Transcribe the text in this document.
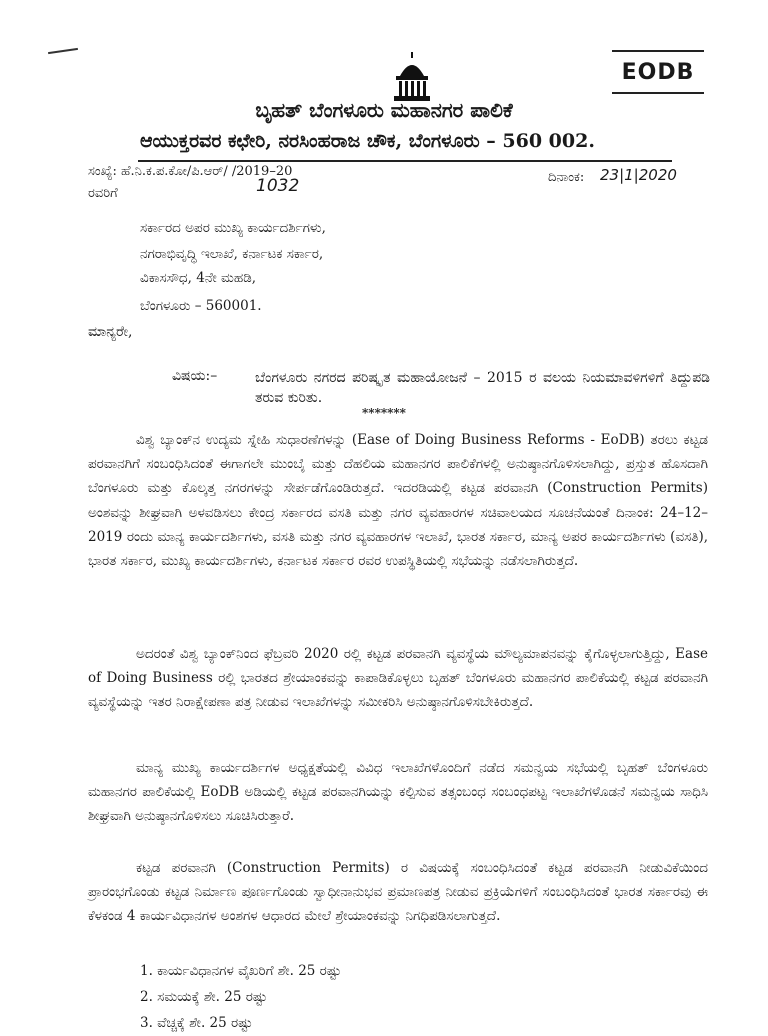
EODB
ಬೃಹತ್ ಬೆಂಗಳೂರು ಮಹಾನಗರ ಪಾಲಿಕೆ
ಆಯುಕ್ತರವರ ಕಛೇರಿ, ನರಸಿಂಹರಾಜ ಚೌಕ, ಬೆಂಗಳೂರು – 560 002.
ಸಂಖ್ಯೆ: ಹೆ.ನಿ.ಕ.ಪ.ಕೋ/ಪಿ.ಆರ್/ /2019–20
1032	ದಿನಾಂಕ: 23|1|2020
ರವರಿಗೆ
ಸರ್ಕಾರದ ಅಪರ ಮುಖ್ಯ ಕಾರ್ಯದರ್ಶಿಗಳು,
ನಗರಾಭಿವೃದ್ಧಿ ಇಲಾಖೆ, ಕರ್ನಾಟಕ ಸರ್ಕಾರ,
ವಿಕಾಸಸೌಧ, 4ನೇ ಮಹಡಿ,
ಬೆಂಗಳೂರು – 560001.
ಮಾನ್ಯರೇ,
ವಿಷಯ:–	ಬೆಂಗಳೂರು ನಗರದ ಪರಿಷ್ಕೃತ ಮಹಾಯೋಜನೆ – 2015 ರ ವಲಯ ನಿಯಮಾವಳಿಗಳಿಗೆ ತಿದ್ದುಪಡಿ ತರುವ ಕುರಿತು.
*******
ವಿಶ್ವ ಬ್ಯಾಂಕ್‌ನ ಉದ್ಯಮ ಸ್ನೇಹಿ ಸುಧಾರಣೆಗಳನ್ನು (Ease of Doing Business Reforms - EoDB) ತರಲು ಕಟ್ಟಡ ಪರವಾನಗಿಗೆ ಸಂಬಂಧಿಸಿದಂತೆ ಈಗಾಗಲೇ ಮುಂಬೈ ಮತ್ತು ದೆಹಲಿಯ ಮಹಾನಗರ ಪಾಲಿಕೆಗಳಲ್ಲಿ ಅನುಷ್ಠಾನಗೊಳಿಸಲಾಗಿದ್ದು, ಪ್ರಸ್ತುತ ಹೊಸದಾಗಿ ಬೆಂಗಳೂರು ಮತ್ತು ಕೊಲ್ಕತ್ತ ನಗರಗಳನ್ನು ಸೇರ್ಪಡೆಗೊಂಡಿರುತ್ತದೆ. ಇದರಡಿಯಲ್ಲಿ ಕಟ್ಟಡ ಪರವಾನಗಿ (Construction Permits) ಅಂಶವನ್ನು ಶೀಘ್ರವಾಗಿ ಅಳವಡಿಸಲು ಕೇಂದ್ರ ಸರ್ಕಾರದ ವಸತಿ ಮತ್ತು ನಗರ ವ್ಯವಹಾರಗಳ ಸಚಿವಾಲಯದ ಸೂಚನೆಯಂತೆ ದಿನಾಂಕ: 24–12–2019 ರಂದು ಮಾನ್ಯ ಕಾರ್ಯದರ್ಶಿಗಳು, ವಸತಿ ಮತ್ತು ನಗರ ವ್ಯವಹಾರಗಳ ಇಲಾಖೆ, ಭಾರತ ಸರ್ಕಾರ, ಮಾನ್ಯ ಅಪರ ಕಾರ್ಯದರ್ಶಿಗಳು (ವಸತಿ), ಭಾರತ ಸರ್ಕಾರ, ಮುಖ್ಯ ಕಾರ್ಯದರ್ಶಿಗಳು, ಕರ್ನಾಟಕ ಸರ್ಕಾರ ರವರ ಉಪಸ್ಥಿತಿಯಲ್ಲಿ ಸಭೆಯನ್ನು ನಡೆಸಲಾಗಿರುತ್ತದೆ.
ಅದರಂತೆ ವಿಶ್ವ ಬ್ಯಾಂಕ್‌ನಿಂದ ಫೆಬ್ರವರಿ 2020 ರಲ್ಲಿ ಕಟ್ಟಡ ಪರವಾನಗಿ ವ್ಯವಸ್ಥೆಯ ಮೌಲ್ಯಮಾಪನವನ್ನು ಕೈಗೊಳ್ಳಲಾಗುತ್ತಿದ್ದು, Ease of Doing Business ರಲ್ಲಿ ಭಾರತದ ಶ್ರೇಯಾಂಕವನ್ನು ಕಾಪಾಡಿಕೊಳ್ಳಲು ಬೃಹತ್ ಬೆಂಗಳೂರು ಮಹಾನಗರ ಪಾಲಿಕೆಯಲ್ಲಿ ಕಟ್ಟಡ ಪರವಾನಗಿ ವ್ಯವಸ್ಥೆಯನ್ನು ಇತರ ನಿರಾಕ್ಷೇಪಣಾ ಪತ್ರ ನೀಡುವ ಇಲಾಖೆಗಳನ್ನು ಸಮೀಕರಿಸಿ ಅನುಷ್ಠಾನಗೊಳಿಸಬೇಕಿರುತ್ತದೆ.
ಮಾನ್ಯ ಮುಖ್ಯ ಕಾರ್ಯದರ್ಶಿಗಳ ಅಧ್ಯಕ್ಷತೆಯಲ್ಲಿ ವಿವಿಧ ಇಲಾಖೆಗಳೊಂದಿಗೆ ನಡೆದ ಸಮನ್ವಯ ಸಭೆಯಲ್ಲಿ ಬೃಹತ್ ಬೆಂಗಳೂರು ಮಹಾನಗರ ಪಾಲಿಕೆಯಲ್ಲಿ EoDB ಅಡಿಯಲ್ಲಿ ಕಟ್ಟಡ ಪರವಾನಗಿಯನ್ನು ಕಲ್ಪಿಸುವ ತತ್ಸಂಬಂಧ ಸಂಬಂಧಪಟ್ಟ ಇಲಾಖೆಗಳೊಡನೆ ಸಮನ್ವಯ ಸಾಧಿಸಿ ಶೀಘ್ರವಾಗಿ ಅನುಷ್ಠಾನಗೊಳಿಸಲು ಸೂಚಿಸಿರುತ್ತಾರೆ.
ಕಟ್ಟಡ ಪರವಾನಗಿ (Construction Permits) ರ ವಿಷಯಕ್ಕೆ ಸಂಬಂಧಿಸಿದಂತೆ ಕಟ್ಟಡ ಪರವಾನಗಿ ನೀಡುವಿಕೆಯಿಂದ ಪ್ರಾರಂಭಗೊಂಡು ಕಟ್ಟಡ ನಿರ್ಮಾಣ ಪೂರ್ಣಗೊಂಡು ಸ್ವಾಧೀನಾನುಭವ ಪ್ರಮಾಣಪತ್ರ ನೀಡುವ ಪ್ರಕ್ರಿಯೆಗಳಿಗೆ ಸಂಬಂಧಿಸಿದಂತೆ ಭಾರತ ಸರ್ಕಾರವು ಈ ಕೆಳಕಂಡ 4 ಕಾರ್ಯವಿಧಾನಗಳ ಅಂಶಗಳ ಆಧಾರದ ಮೇಲೆ ಶ್ರೇಯಾಂಕವನ್ನು ನಿಗಧಿಪಡಿಸಲಾಗುತ್ತದೆ.
1. ಕಾರ್ಯವಿಧಾನಗಳ ವೈಖರಿಗೆ ಶೇ. 25 ರಷ್ಟು
2. ಸಮಯಕ್ಕೆ ಶೇ. 25 ರಷ್ಟು
3. ವೆಚ್ಚಕ್ಕೆ ಶೇ. 25 ರಷ್ಟು
